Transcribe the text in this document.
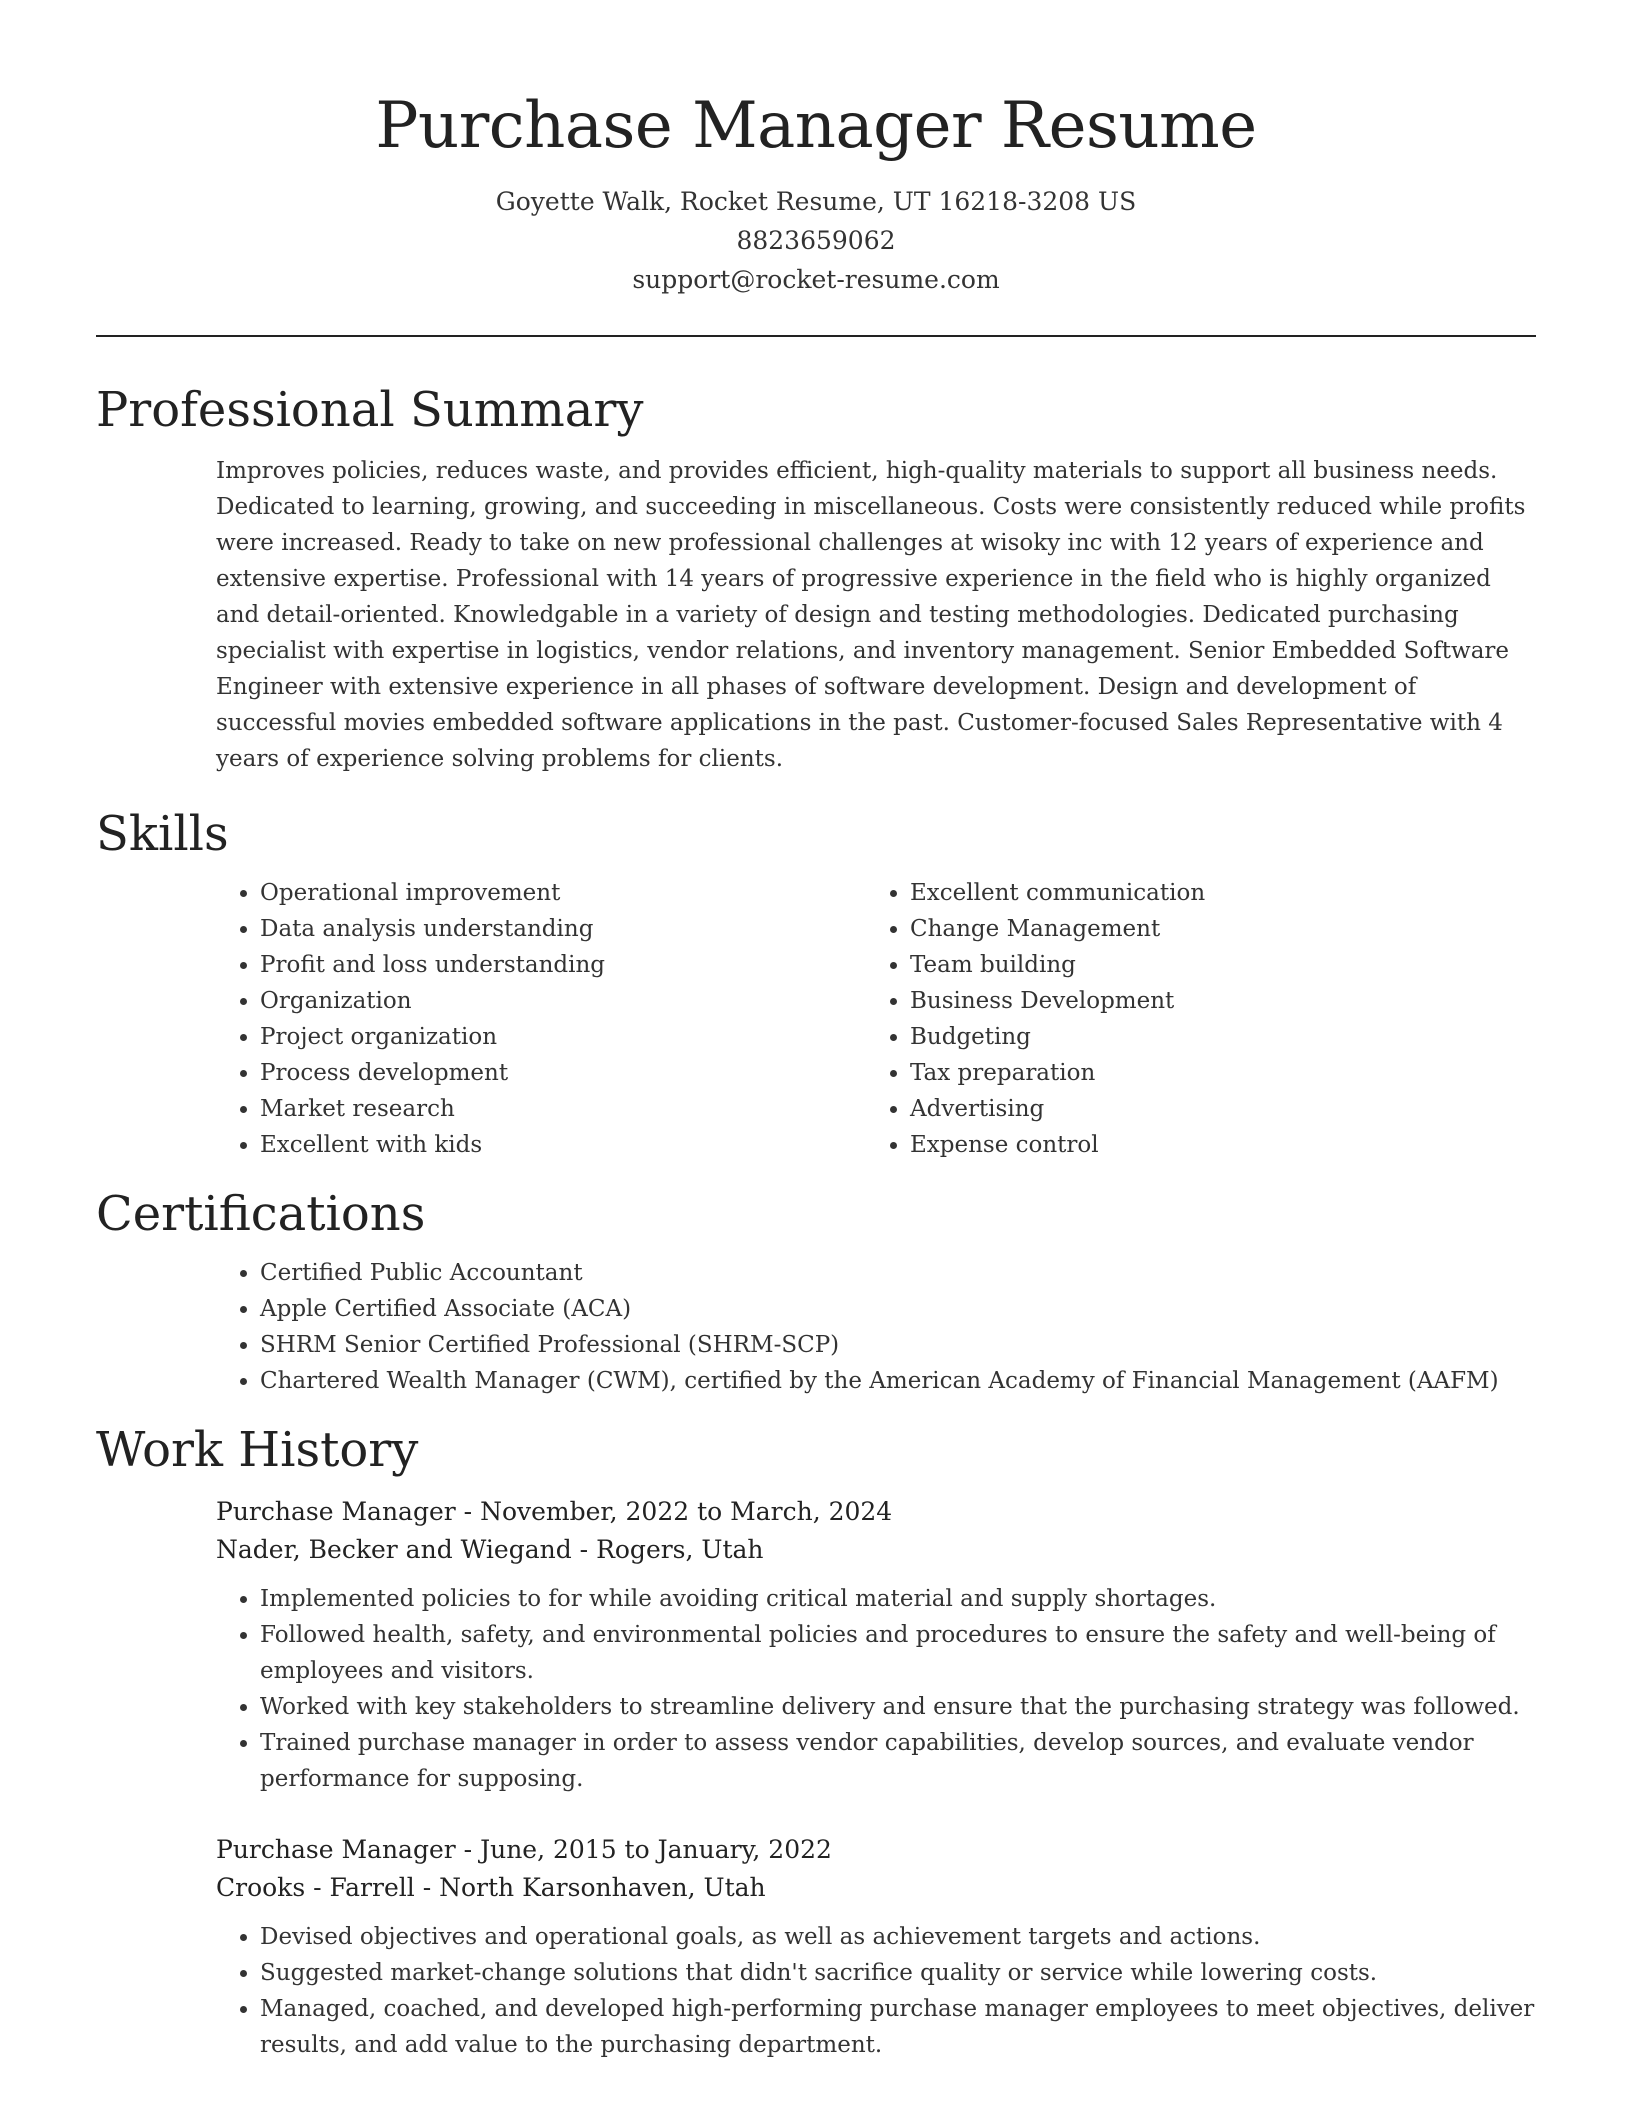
Purchase Manager Resume
Goyette Walk, Rocket Resume, UT 16218-3208 US
8823659062
support@rocket-resume.com
Professional Summary

Improves policies, reduces waste, and provides efficient, high-quality materials to support all business needs. Dedicated to learning, growing, and succeeding in miscellaneous. Costs were consistently reduced while profits were increased. Ready to take on new professional challenges at wisoky inc with 12 years of experience and extensive expertise. Professional with 14 years of progressive experience in the field who is highly organized and detail-oriented. Knowledgable in a variety of design and testing methodologies. Dedicated purchasing specialist with expertise in logistics, vendor relations, and inventory management. Senior Embedded Software Engineer with extensive experience in all phases of software development. Design and development of successful movies embedded software applications in the past. Customer-focused Sales Representative with 4 years of experience solving problems for clients.

Skills
• Operational improvement
• Data analysis understanding
• Profit and loss understanding
• Organization
• Project organization
• Process development
• Market research
• Excellent with kids
• Excellent communication
• Change Management
• Team building
• Business Development
• Budgeting
• Tax preparation
• Advertising
• Expense control
Certifications
• Certified Public Accountant
• Apple Certified Associate (ACA)
• SHRM Senior Certified Professional (SHRM-SCP)
• Chartered Wealth Manager (CWM), certified by the American Academy of Financial Management (AAFM)
Work History
Purchase Manager - November, 2022 to March, 2024
Nader, Becker and Wiegand - Rogers, Utah
• Implemented policies to for while avoiding critical material and supply shortages.
• Followed health, safety, and environmental policies and procedures to ensure the safety and well-being of employees and visitors.
• Worked with key stakeholders to streamline delivery and ensure that the purchasing strategy was followed.
• Trained purchase manager in order to assess vendor capabilities, develop sources, and evaluate vendor performance for supposing.
Purchase Manager - June, 2015 to January, 2022
Crooks - Farrell - North Karsonhaven, Utah
• Devised objectives and operational goals, as well as achievement targets and actions.
• Suggested market-change solutions that didn't sacrifice quality or service while lowering costs.
• Managed, coached, and developed high-performing purchase manager employees to meet objectives, deliver results, and add value to the purchasing department.
